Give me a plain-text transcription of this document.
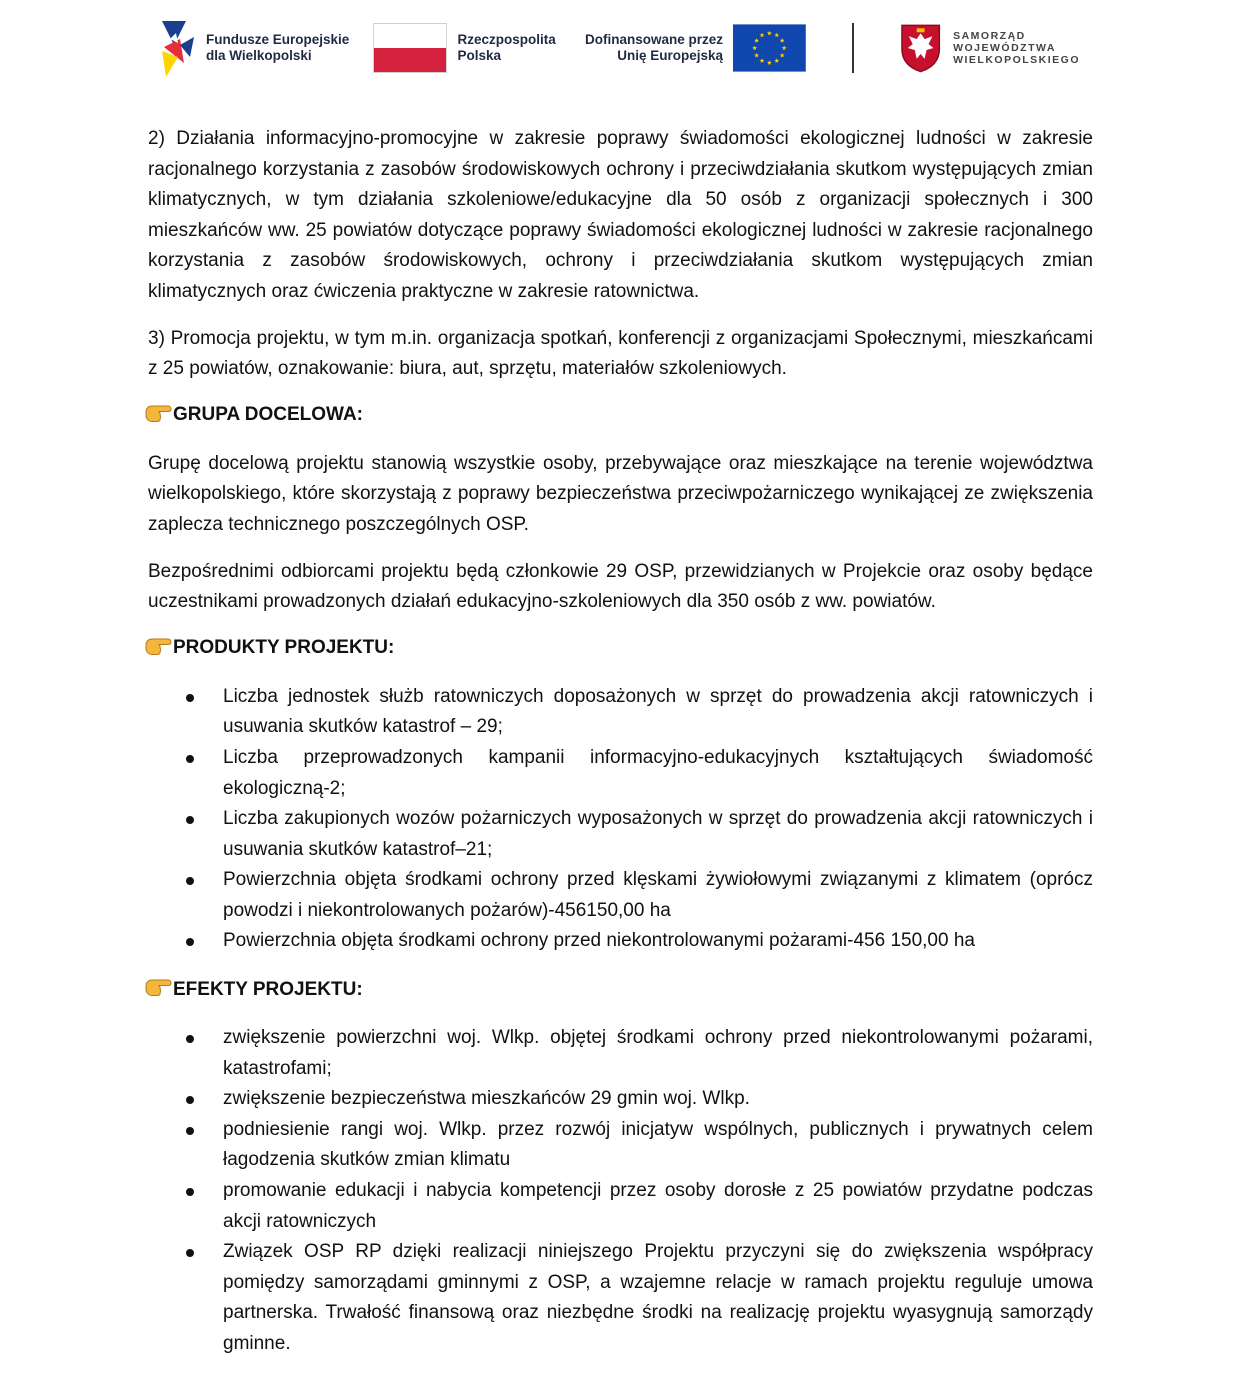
Fundusze Europejskie
dla Wielkopolski
Rzeczpospolita
Polska
Dofinansowane przez
Unię Europejską
SAMORZĄD
WOJEWÓDZTWA
WIELKOPOLSKIEGO

2) Działania informacyjno-promocyjne w zakresie poprawy świadomości ekologicznej ludności w zakresie racjonalnego korzystania z zasobów środowiskowych ochrony i przeciwdziałania skutkom występujących zmian klimatycznych, w tym działania szkoleniowe/edukacyjne dla 50 osób z organizacji społecznych i 300 mieszkańców ww. 25 powiatów dotyczące poprawy świadomości ekologicznej ludności w zakresie racjonalnego korzystania z zasobów środowiskowych, ochrony i przeciwdziałania skutkom występujących zmian klimatycznych oraz ćwiczenia praktyczne w zakresie ratownictwa.

3) Promocja projektu, w tym m.in. organizacja spotkań, konferencji z organizacjami Społecznymi, mieszkańcami z 25 powiatów, oznakowanie: biura, aut, sprzętu, materiałów szkoleniowych.

GRUPA DOCELOWA :

Grupę docelową projektu stanowią wszystkie osoby, przebywające oraz mieszkające na terenie województwa wielkopolskiego, które skorzystają z poprawy bezpieczeństwa przeciwpożarniczego wynikającej ze zwiększenia zaplecza technicznego poszczególnych OSP.

Bezpośrednimi odbiorcami projektu będą członkowie 29 OSP, przewidzianych w Projekcie oraz osoby będące uczestnikami prowadzonych działań edukacyjno-szkoleniowych dla 350 osób z ww. powiatów.

PRODUKTY PROJEKTU :
Liczba jednostek służb ratowniczych doposażonych w sprzęt do prowadzenia akcji ratowniczych i usuwania skutków katastrof – 29;
Liczba przeprowadzonych kampanii informacyjno-edukacyjnych kształtujących świadomość ekologiczną-2;
Liczba zakupionych wozów pożarniczych wyposażonych w sprzęt do prowadzenia akcji ratowniczych i usuwania skutków katastrof–21;
Powierzchnia objęta środkami ochrony przed klęskami żywiołowymi związanymi z klimatem (oprócz powodzi i niekontrolowanych pożarów)-456150,00 ha
Powierzchnia objęta środkami ochrony przed niekontrolowanymi pożarami-456 150,00 ha
EFEKTY PROJEKTU :
zwiększenie powierzchni woj. Wlkp. objętej środkami ochrony przed niekontrolowanymi pożarami, katastrofami;
zwiększenie bezpieczeństwa mieszkańców 29 gmin woj. Wlkp.
podniesienie rangi woj. Wlkp. przez rozwój inicjatyw wspólnych, publicznych i prywatnych celem łagodzenia skutków zmian klimatu
promowanie edukacji i nabycia kompetencji przez osoby dorosłe z 25 powiatów przydatne podczas akcji ratowniczych
Związek OSP RP dzięki realizacji niniejszego Projektu przyczyni się do zwiększenia współpracy pomiędzy samorządami gminnymi z OSP, a wzajemne relacje w ramach projektu reguluje umowa partnerska. Trwałość finansową oraz niezbędne środki na realizację projektu wyasygnują samorządy gminne.
